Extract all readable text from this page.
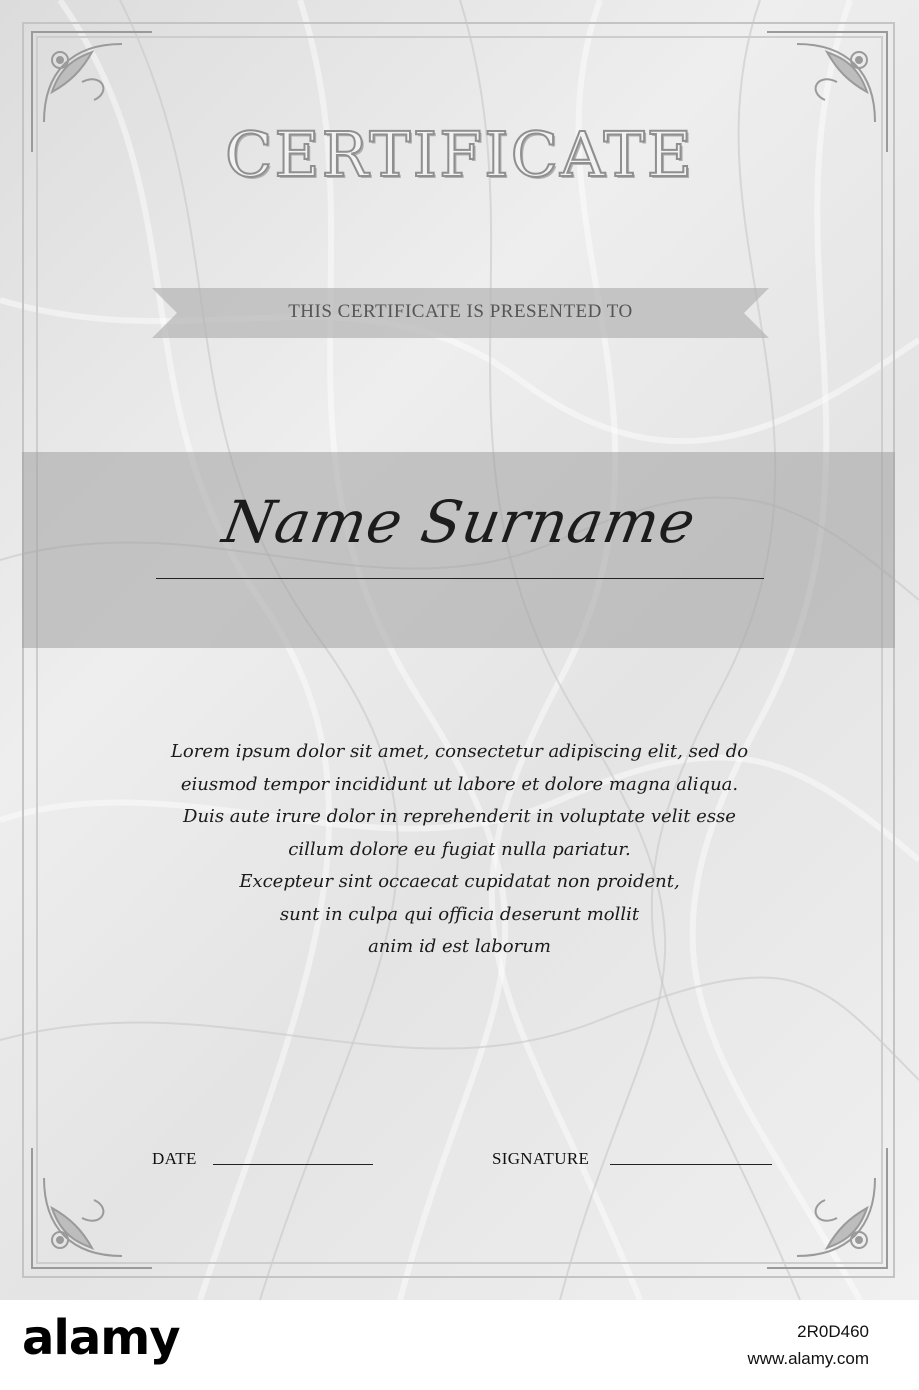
CERTIFICATE
THIS CERTIFICATE IS PRESENTED TO
Name Surname
Lorem ipsum dolor sit amet, consectetur adipiscing elit, sed do
eiusmod tempor incididunt ut labore et dolore magna aliqua.
Duis aute irure dolor in reprehenderit in voluptate velit esse
cillum dolore eu fugiat nulla pariatur.
Excepteur sint occaecat cupidatat non proident,
sunt in culpa qui officia deserunt mollit
anim id est laborum
DATE	SIGNATURE
alamy	2R0D460
www.alamy.com
